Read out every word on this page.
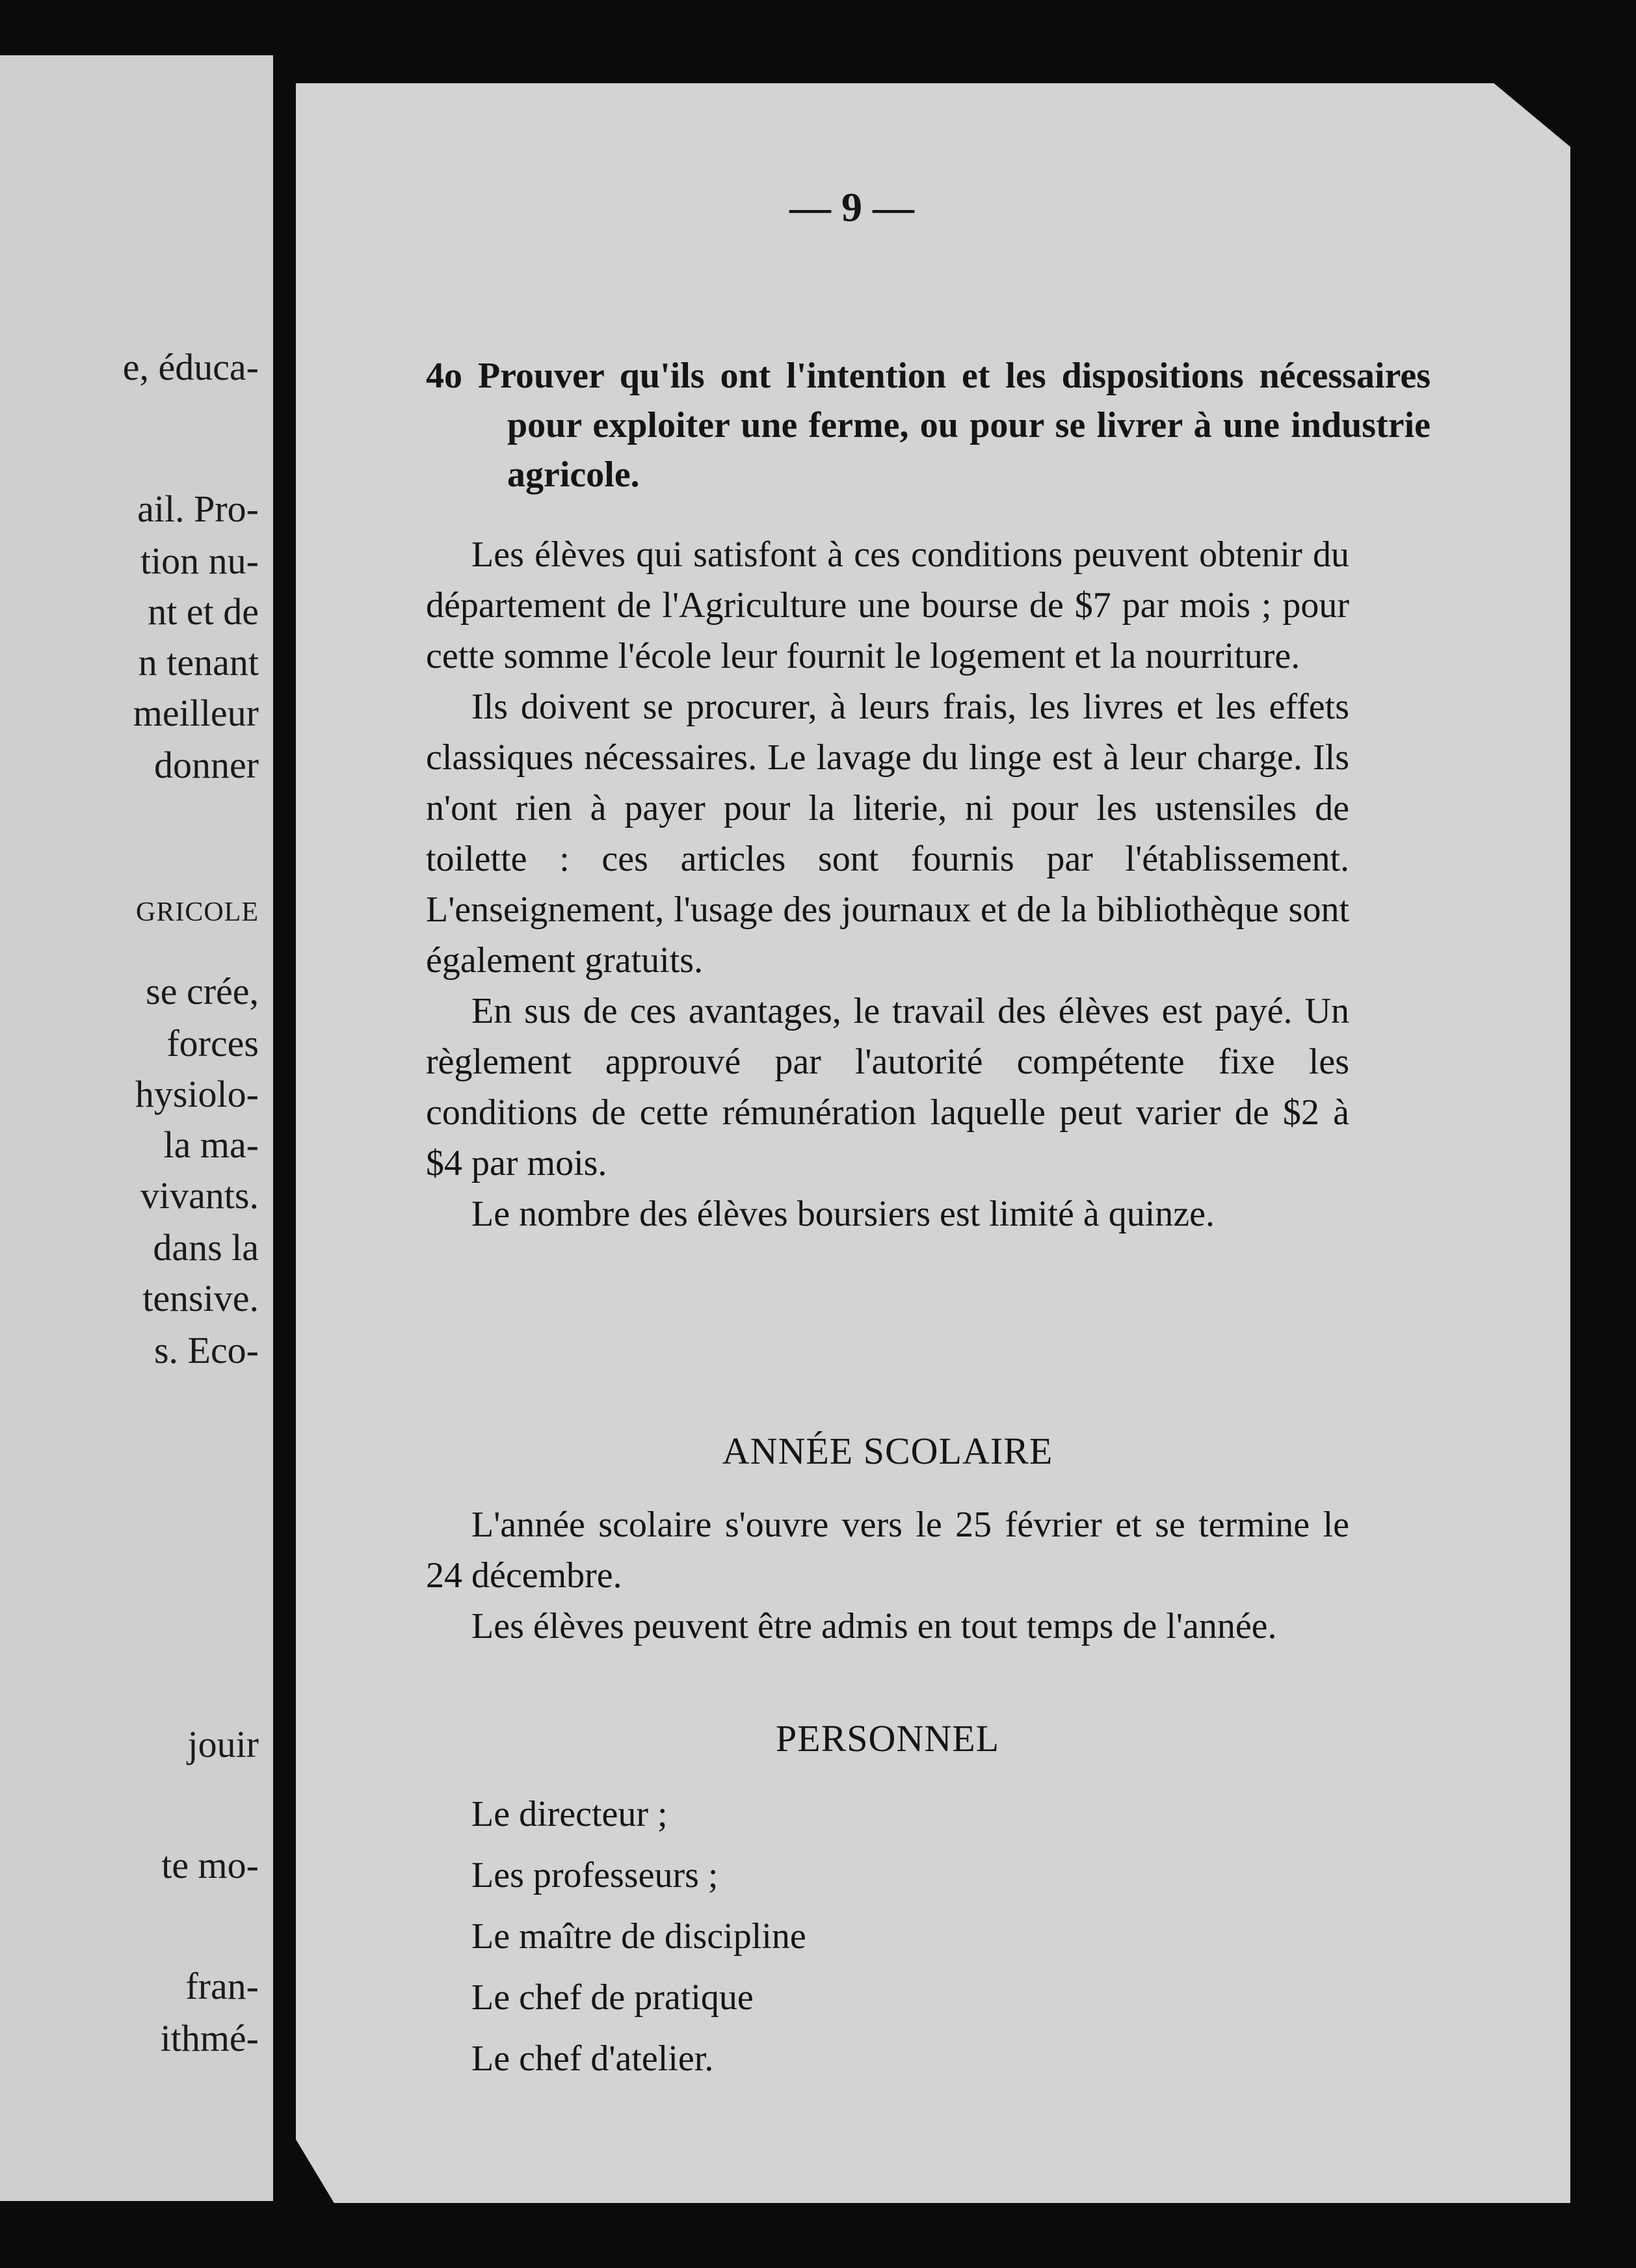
e, éduca-
ail. Pro-
tion nu-
nt et de
n tenant
meilleur
donner
GRICOLE
se crée,
forces
hysiolo-
la ma-
vivants.
dans la
tensive.
s. Eco-
jouir
te mo-
fran-
ithmé-
— 9 —
4o Prouver qu'ils ont l'intention et les dispositions nécessaires pour exploiter une ferme, ou pour se livrer à une industrie agricole.

Les élèves qui satisfont à ces conditions peuvent obtenir du département de l'Agriculture une bourse de $7 par mois ; pour cette somme l'école leur fournit le logement et la nourriture.

Ils doivent se procurer, à leurs frais, les livres et les effets classiques nécessaires. Le lavage du linge est à leur charge. Ils n'ont rien à payer pour la literie, ni pour les ustensiles de toilette : ces articles sont fournis par l'établissement. L'enseignement, l'usage des journaux et de la bibliothèque sont également gratuits.

En sus de ces avantages, le travail des élèves est payé. Un règlement approuvé par l'autorité compétente fixe les conditions de cette rémunération laquelle peut varier de $2 à $4 par mois.

Le nombre des élèves boursiers est limité à quinze.

ANNÉE SCOLAIRE

L'année scolaire s'ouvre vers le 25 février et se termine le 24 décembre.

Les élèves peuvent être admis en tout temps de l'année.

PERSONNEL
Le directeur ;
Les professeurs ;
Le maître de discipline
Le chef de pratique
Le chef d'atelier.
